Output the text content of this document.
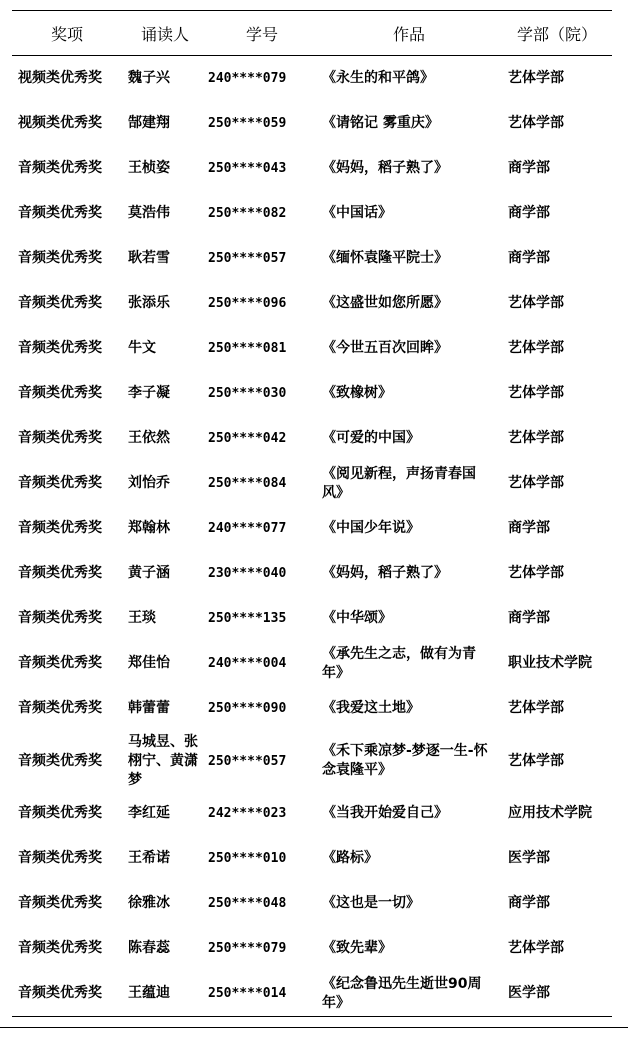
奖项	诵读人	学号	作品	学部（院）
视频类优秀奖	魏子兴	240****079	《永生的和平鸽》	艺体学部
视频类优秀奖	郜建翔	250****059	《请铭记 雾重庆》	艺体学部
音频类优秀奖	王桢姿	250****043	《妈妈，稻子熟了》	商学部
音频类优秀奖	莫浩伟	250****082	《中国话》	商学部
音频类优秀奖	耿若雪	250****057	《缅怀袁隆平院士》	商学部
音频类优秀奖	张添乐	250****096	《这盛世如您所愿》	艺体学部
音频类优秀奖	牛文	250****081	《今世五百次回眸》	艺体学部
音频类优秀奖	李子凝	250****030	《致橡树》	艺体学部
音频类优秀奖	王依然	250****042	《可爱的中国》	艺体学部
音频类优秀奖	刘怡乔	250****084	《阅见新程，声扬青春国风》	艺体学部
音频类优秀奖	郑翰林	240****077	《中国少年说》	商学部
音频类优秀奖	黄子涵	230****040	《妈妈，稻子熟了》	艺体学部
音频类优秀奖	王琰	250****135	《中华颂》	商学部
音频类优秀奖	郑佳怡	240****004	《承先生之志，做有为青年》	职业技术学院
音频类优秀奖	韩蕾蕾	250****090	《我爱这土地》	艺体学部
音频类优秀奖	马城昱、张栩宁、黄潇梦	250****057	《禾下乘凉梦-梦逐一生-怀念袁隆平》	艺体学部
音频类优秀奖	李红延	242****023	《当我开始爱自己》	应用技术学院
音频类优秀奖	王希诺	250****010	《路标》	医学部
音频类优秀奖	徐雅冰	250****048	《这也是一切》	商学部
音频类优秀奖	陈春蕊	250****079	《致先辈》	艺体学部
音频类优秀奖	王蕴迪	250****014	《纪念鲁迅先生逝世90周年》	医学部
